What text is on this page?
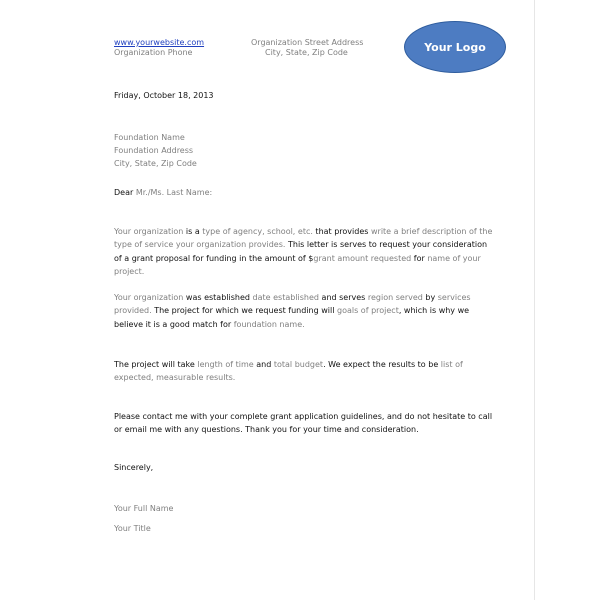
www.yourwebsite.com
Organization Phone
Organization Street Address
City, State, Zip Code	Your Logo
Friday, October 18, 2013
Foundation Name
Foundation Address
City, State, Zip Code
Dear Mr./Ms. Last Name:
Your organization is a type of agency, school, etc. that provides write a brief description of the type of service your organization provides. This letter is serves to request your consideration of a grant proposal for funding in the amount of $grant amount requested for name of your project.
Your organization was established date established and serves region served by services provided. The project for which we request funding will goals of project, which is why we believe it is a good match for foundation name.
The project will take length of time and total budget. We expect the results to be list of expected, measurable results.
Please contact me with your complete grant application guidelines, and do not hesitate to call or email me with any questions. Thank you for your time and consideration.
Sincerely,
Your Full Name
Your Title
